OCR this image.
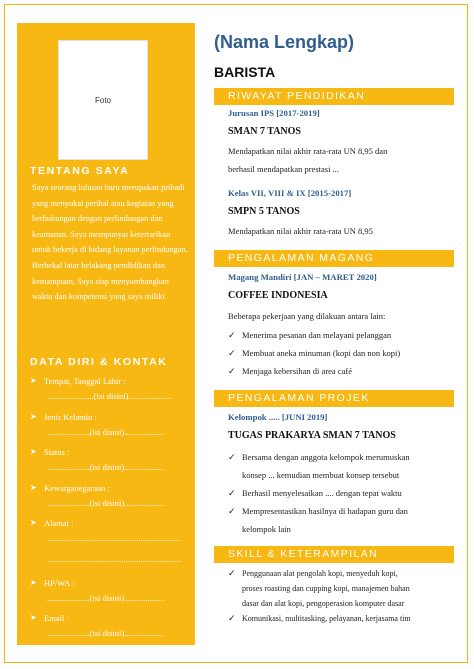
Foto
TENTANG SAYA
Saya seorang lulusan baru merupakan pribadi yang menyukai perihal atau kegiatan yang berhubungan dengan perlindungan dan keamanan. Saya mempunyai ketertarikan untuk bekerja di bidang layanan perlindungan. Berbekal latar belakang pendidikan dan kemampuan, Saya siap menyumbangkan waktu dan kompetensi yang saya miliki.
DATA DIRI & KONTAK
➤ Tempat, Tanggal Lahir :
......................(isi disini)....................
➤ Jenis Kelamin :
....................(isi disini)...................
➤ Status :
....................(isi disini)...................
➤ Kewarganegaraan :
....................(isi disini)...................
➤ Alamat :
...............................................................
...............................................................
➤ HP/WA :
....................(isi disini)...................
➤ Email :
....................(isi disini)...................
(Nama Lengkap)
BARISTA
RIWAYAT PENDIDIKAN
Jurusan IPS [2017-2019]
SMAN 7 TANOS
Mendapatkan nilai akhir rata-rata UN 8,95 dan
berhasil mendapatkan prestasi ...
Kelas VII, VIII & IX [2015-2017]
SMPN 5 TANOS
Mendapatkan nilai akhir rata-rata UN 8,95
PENGALAMAN MAGANG
Magang Mandiri [JAN – MARET 2020]
COFFEE INDONESIA
Beberapa pekerjaan yang dilakuan antara lain:
✓ Menerima pesanan dan melayani pelanggan
✓ Membuat aneka minuman (kopi dan non kopi)
✓ Menjaga kebersihan di area café
PENGALAMAN PROJEK
Kelompok ..... [JUNI 2019]
TUGAS PRAKARYA SMAN 7 TANOS
✓ Bersama dengan anggota kelompok merumuskan
konsep ... kemudian membuat konsep tersebut
✓ Berhasil menyelesaikan .... dengan tepat waktu
✓ Mempresentasikan hasilnya di hadapan guru dan
kelompok lain
SKILL & KETERAMPILAN
✓ Penggunaan alat pengolah kopi, menyeduh kopi,
proses roasting dan cupping kopi, manajemen bahan
dasar dan alat kopi, pengoperasion komputer dasar
✓ Komunikasi, multitasking, pelayanan, kerjasama tim
